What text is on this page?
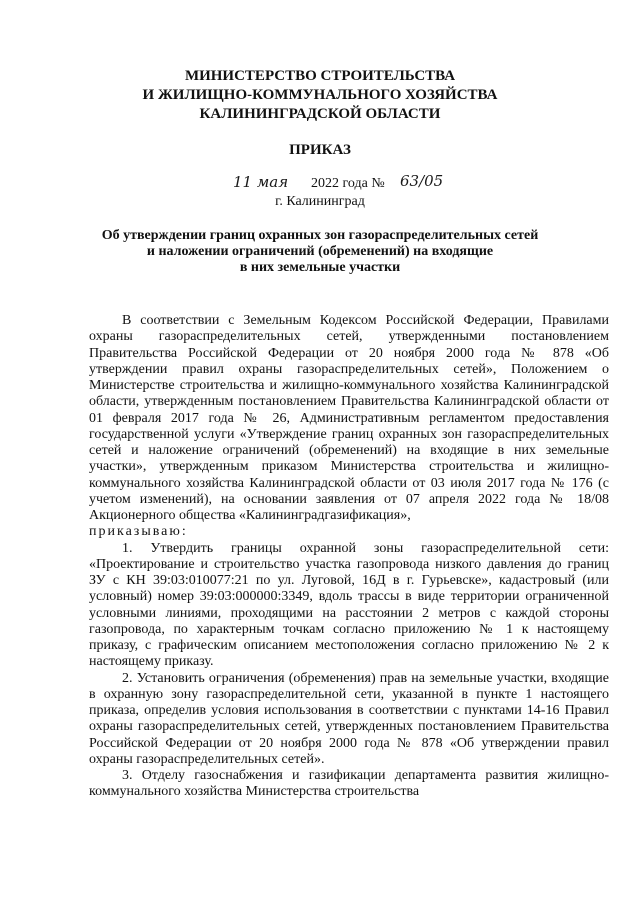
МИНИСТЕРСТВО СТРОИТЕЛЬСТВА
И ЖИЛИЩНО-КОММУНАЛЬНОГО ХОЗЯЙСТВА
КАЛИНИНГРАДСКОЙ ОБЛАСТИ
ПРИКАЗ
11 мая 2022 года № 63/05
г. Калининград
Об утверждении границ охранных зон газораспределительных сетей
и наложении ограничений (обременений) на входящие
в них земельные участки

В соответствии с Земельным Кодексом Российской Федерации, Правилами охраны газораспределительных сетей, утвержденными постановлением Правительства Российской Федерации от 20 ноября 2000 года № 878 «Об утверждении правил охраны газораспределительных сетей», Положением о Министерстве строительства и жилищно-коммунального хозяйства Калининградской области, утвержденным постановлением Правительства Калининградской области от 01 февраля 2017 года № 26, Административным регламентом предоставления государственной услуги «Утверждение границ охранных зон газораспределительных сетей и наложение ограничений (обременений) на входящие в них земельные участки», утвержденным приказом Министерства строительства и жилищно-коммунального хозяйства Калининградской области от 03 июля 2017 года № 176 (с учетом изменений), на основании заявления от 07 апреля 2022 года № 18/08 Акционерного общества «Калининградгазификация»,

приказываю:

1. Утвердить границы охранной зоны газораспределительной сети: «Проектирование и строительство участка газопровода низкого давления до границ ЗУ с КН 39:03:010077:21 по ул. Луговой, 16Д в г. Гурьевске», кадастровый (или условный) номер 39:03:000000:3349, вдоль трассы в виде территории ограниченной условными линиями, проходящими на расстоянии 2 метров с каждой стороны газопровода, по характерным точкам согласно приложению № 1 к настоящему приказу, с графическим описанием местоположения согласно приложению № 2 к настоящему приказу.

2. Установить ограничения (обременения) прав на земельные участки, входящие в охранную зону газораспределительной сети, указанной в пункте 1 настоящего приказа, определив условия использования в соответствии с пунктами 14-16 Правил охраны газораспределительных сетей, утвержденных постановлением Правительства Российской Федерации от 20 ноября 2000 года № 878 «Об утверждении правил охраны газораспределительных сетей».

3. Отделу газоснабжения и газификации департамента развития жилищно-коммунального хозяйства Министерства строительства
